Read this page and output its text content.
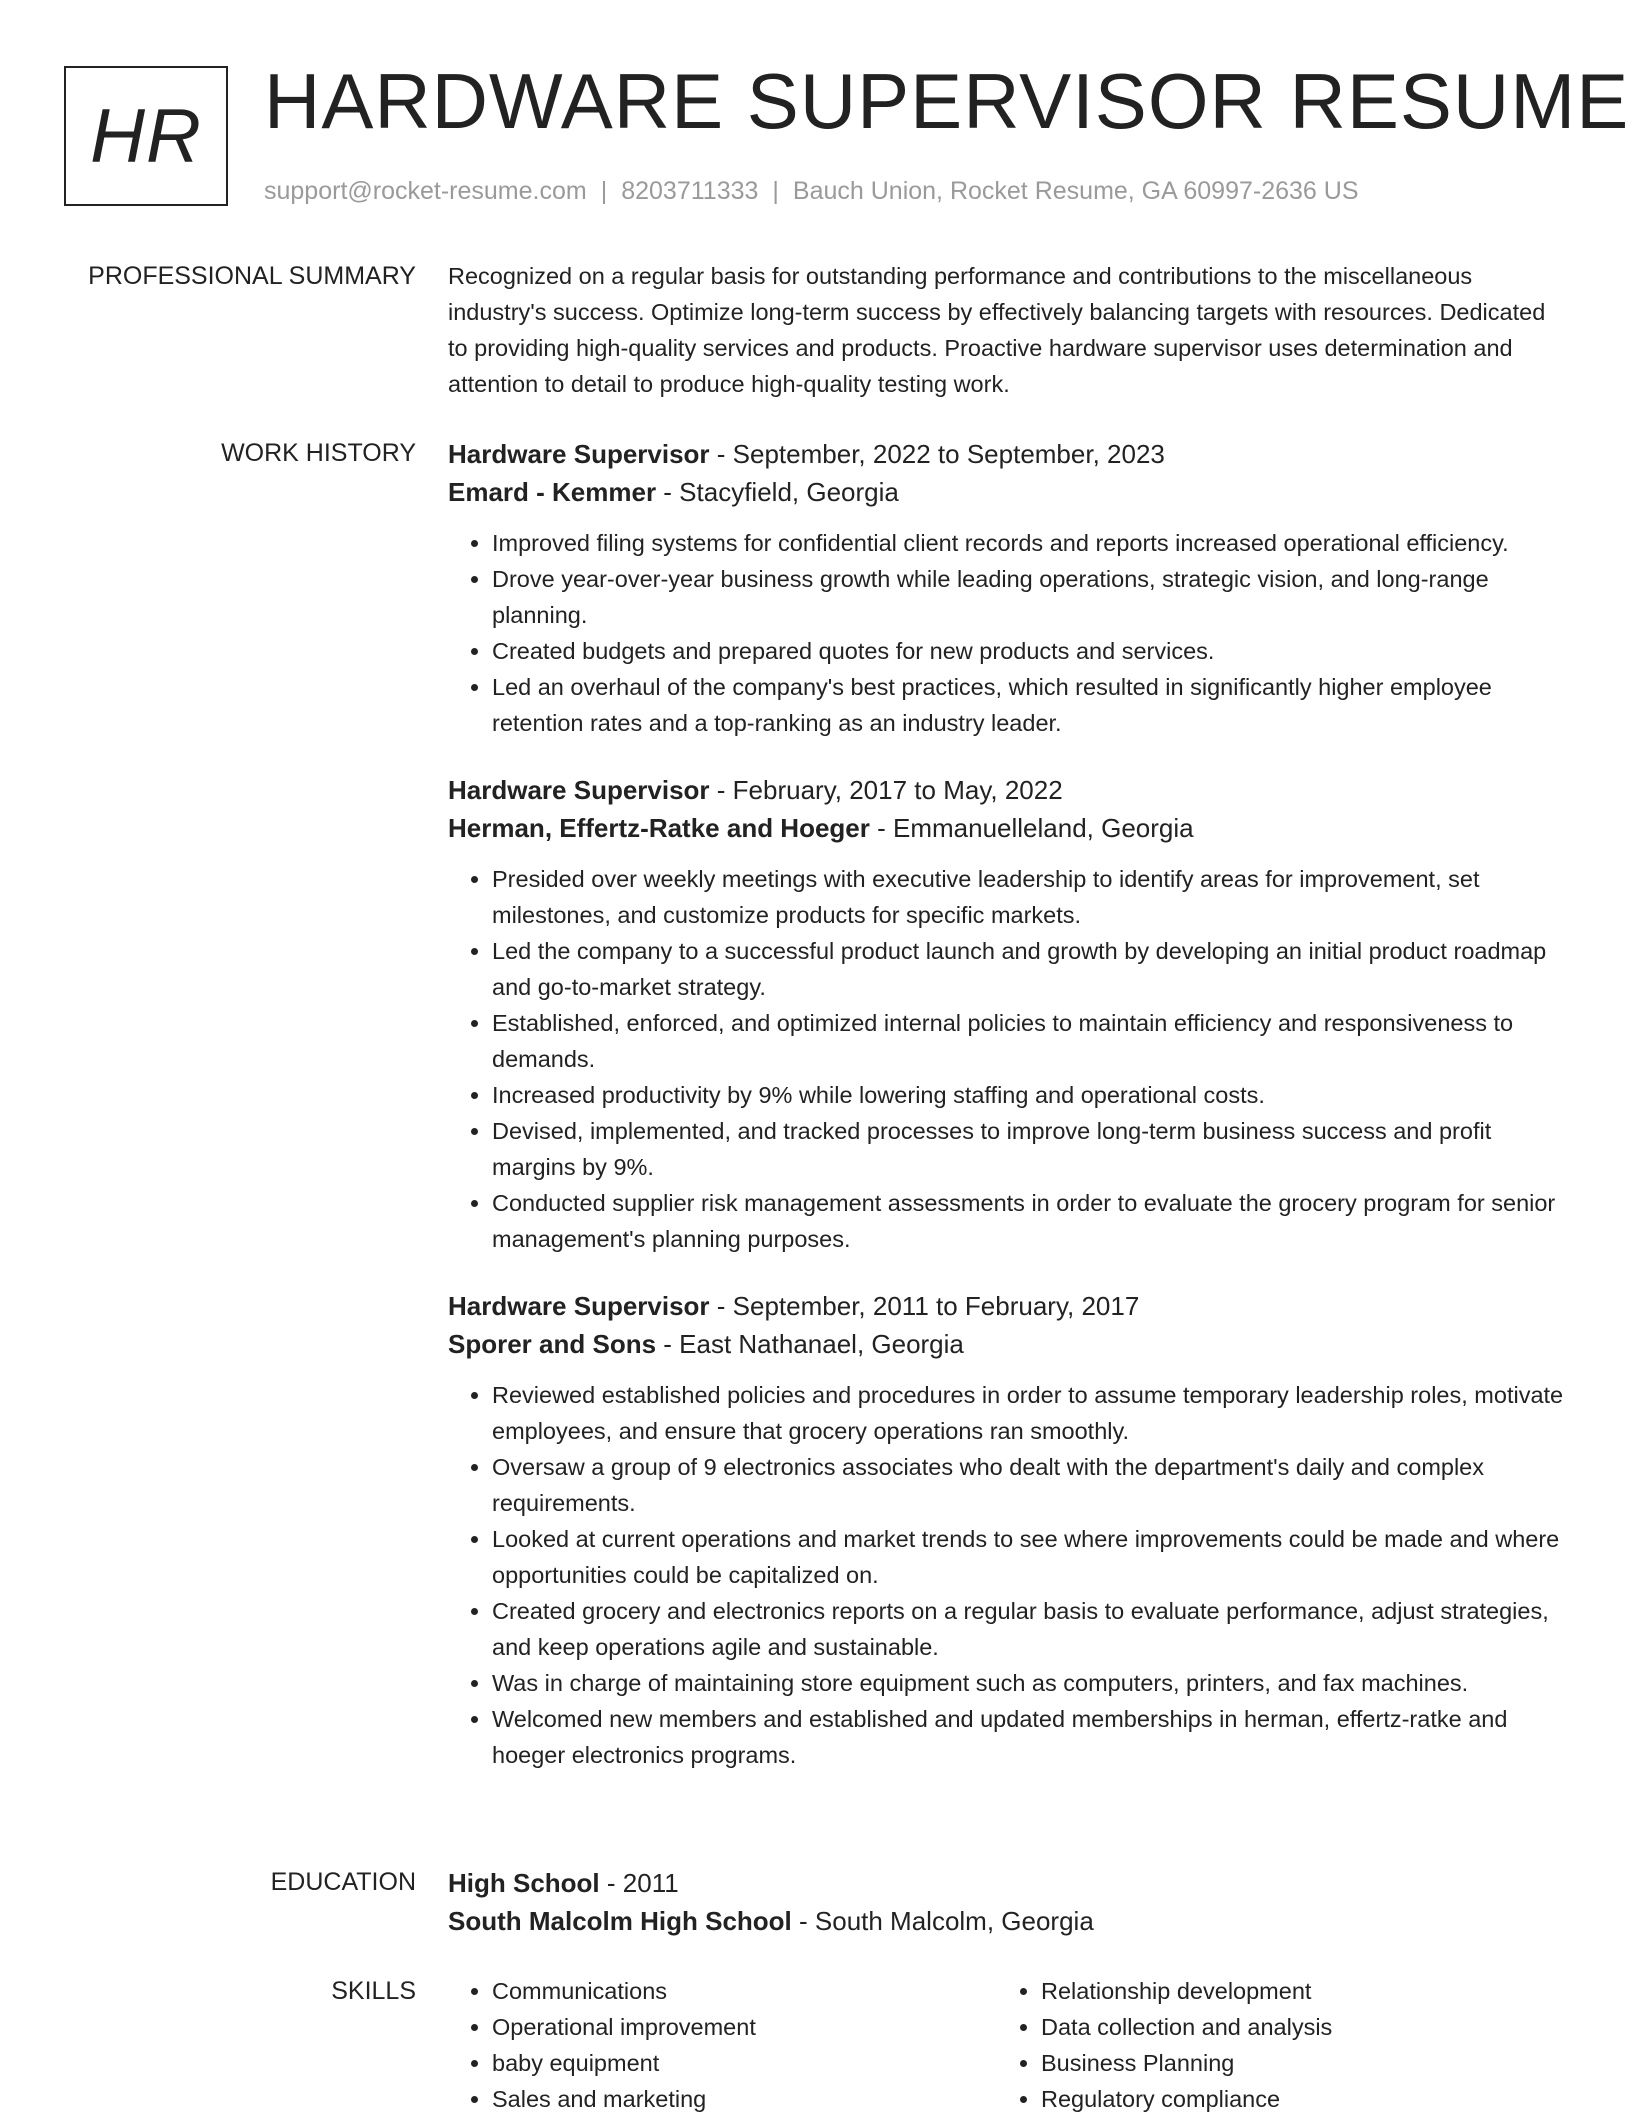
HR HARDWARE SUPERVISOR RESUME
support@rocket-resume.com | 8203711333 | Bauch Union, Rocket Resume, GA 60997-2636 US
PROFESSIONAL SUMMARY Recognized on a regular basis for outstanding performance and contributions to the miscellaneous industry's success. Optimize long-term success by effectively balancing targets with resources. Dedicated to providing high-quality services and products. Proactive hardware supervisor uses determination and attention to detail to produce high-quality testing work.

WORK HISTORY Hardware Supervisor - September, 2022 to September, 2023
Emard - Kemmer - Stacyfield, Georgia
• Improved filing systems for confidential client records and reports increased operational efficiency.
• Drove year-over-year business growth while leading operations, strategic vision, and long-range planning.
• Created budgets and prepared quotes for new products and services.
• Led an overhaul of the company's best practices, which resulted in significantly higher employee retention rates and a top-ranking as an industry leader.
Hardware Supervisor - February, 2017 to May, 2022
Herman, Effertz-Ratke and Hoeger - Emmanuelleland, Georgia
• Presided over weekly meetings with executive leadership to identify areas for improvement, set milestones, and customize products for specific markets.
• Led the company to a successful product launch and growth by developing an initial product roadmap and go-to-market strategy.
• Established, enforced, and optimized internal policies to maintain efficiency and responsiveness to demands.
• Increased productivity by 9% while lowering staffing and operational costs.
• Devised, implemented, and tracked processes to improve long-term business success and profit margins by 9%.
• Conducted supplier risk management assessments in order to evaluate the grocery program for senior management's planning purposes.
Hardware Supervisor - September, 2011 to February, 2017
Sporer and Sons - East Nathanael, Georgia
• Reviewed established policies and procedures in order to assume temporary leadership roles, motivate employees, and ensure that grocery operations ran smoothly.
• Oversaw a group of 9 electronics associates who dealt with the department's daily and complex requirements.
• Looked at current operations and market trends to see where improvements could be made and where opportunities could be capitalized on.
• Created grocery and electronics reports on a regular basis to evaluate performance, adjust strategies, and keep operations agile and sustainable.
• Was in charge of maintaining store equipment such as computers, printers, and fax machines.
• Welcomed new members and established and updated memberships in herman, effertz-ratke and hoeger electronics programs.
EDUCATION High School - 2011
South Malcolm High School - South Malcolm, Georgia
SKILLS
•	Communications
• Operational improvement
• baby equipment
• Sales and marketing
• Relationship development
• Data collection and analysis
• Business Planning
• Regulatory compliance
